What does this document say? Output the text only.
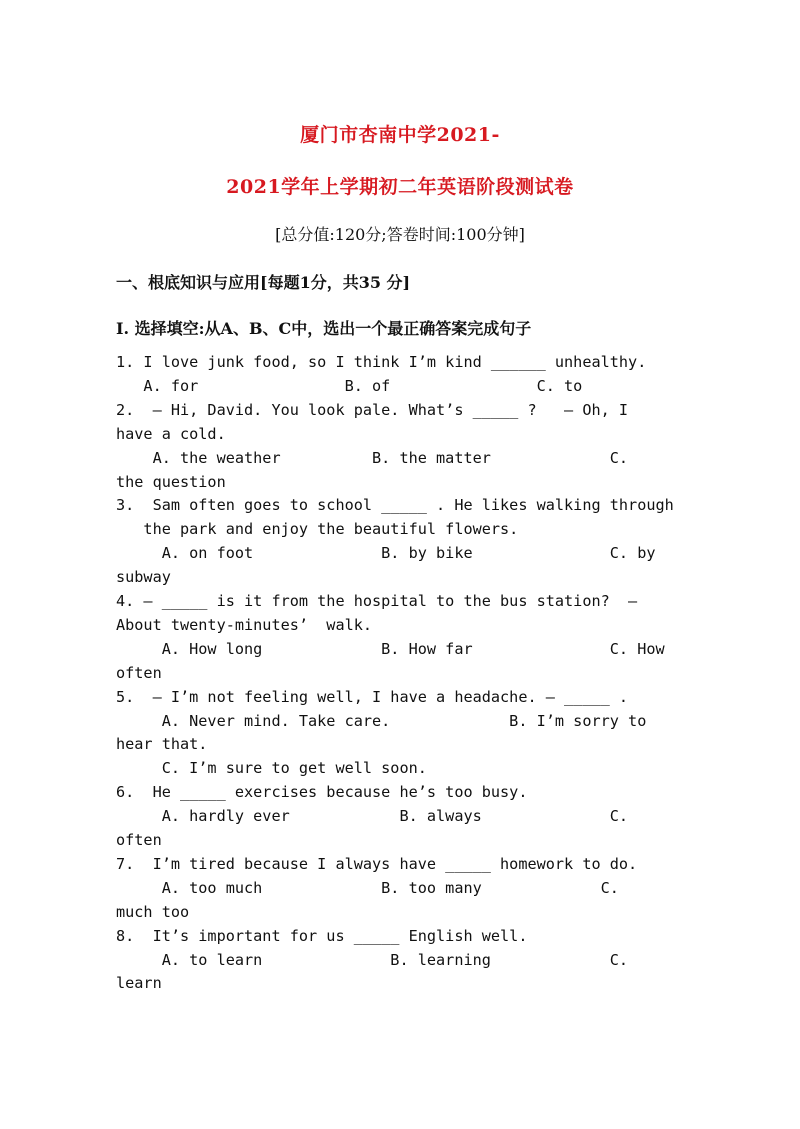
厦门市杏南中学2021-
2021学年上学期初二年英语阶段测试卷
[总分值:120分;答卷时间:100分钟]
一、根底知识与应用[每题1分，共35 分]
I. 选择填空:从A、B、C中，选出一个最正确答案完成句子
1. I love junk food, so I think I’m kind ______ unhealthy.
A. for                B. of                C. to
2.  – Hi, David. You look pale. What’s _____ ?   – Oh, I
have a cold.
A. the weather          B. the matter             C.
the question
3.  Sam often goes to school _____ . He likes walking through
the park and enjoy the beautiful flowers.
A. on foot              B. by bike               C. by
subway
4. – _____ is it from the hospital to the bus station?  –
About twenty-minutes’  walk.
A. How long             B. How far               C. How
often
5.  – I’m not feeling well, I have a headache. – _____ .
A. Never mind. Take care.             B. I’m sorry to
hear that.
C. I’m sure to get well soon.
6.  He _____ exercises because he’s too busy.
A. hardly ever            B. always              C.
often
7.  I’m tired because I always have _____ homework to do.
A. too much             B. too many             C.
much too
8.  It’s important for us _____ English well.
A. to learn              B. learning             C.
learn
